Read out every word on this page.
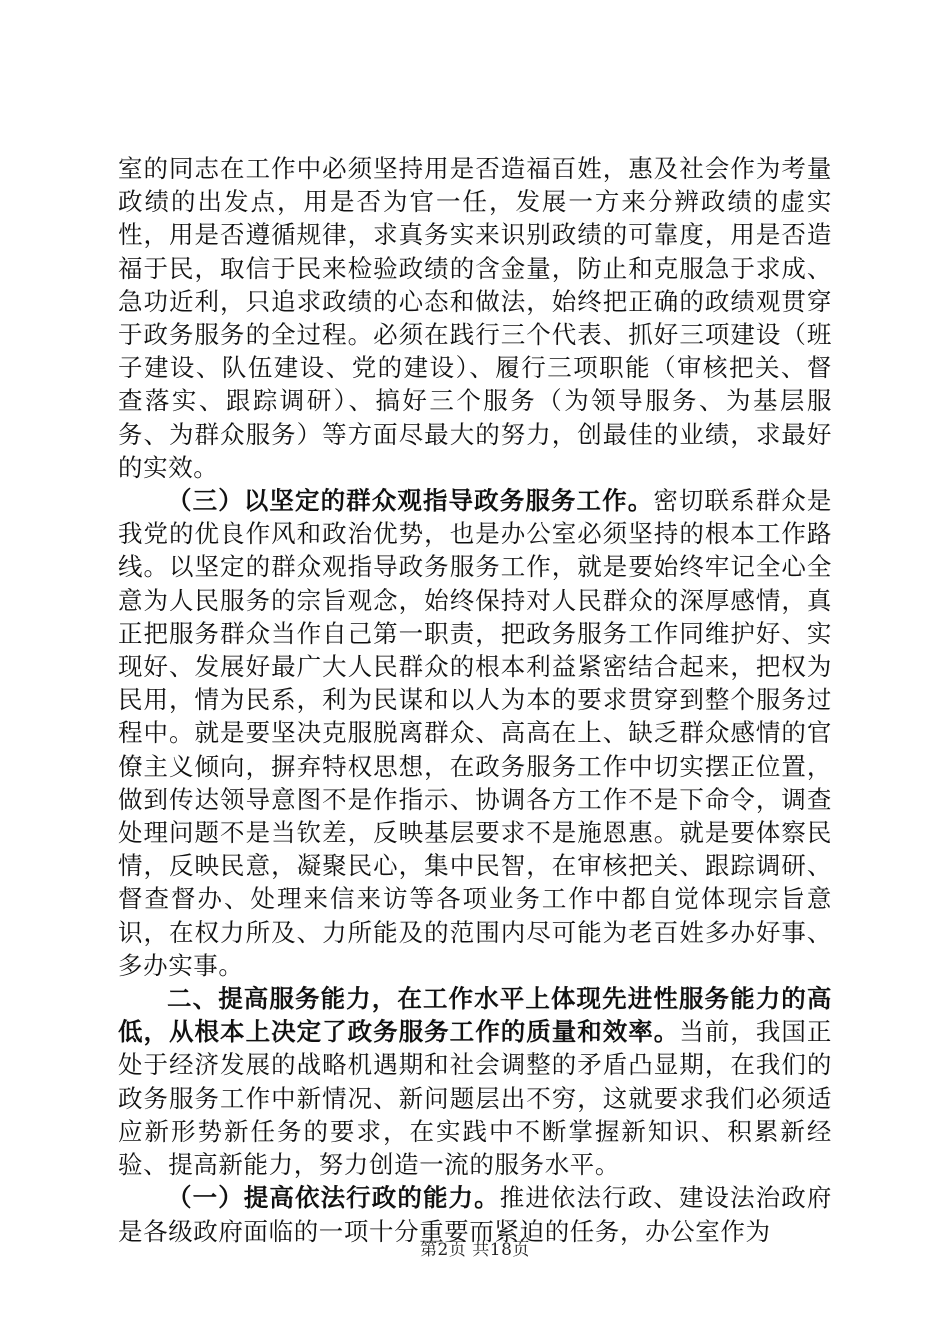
室的同志在工作中必须坚持用是否造福百姓，惠及社会作为考量政绩的出发点，用是否为官一任，发展一方来分辨政绩的虚实性，用是否遵循规律，求真务实来识别政绩的可靠度，用是否造福于民，取信于民来检验政绩的含金量，防止和克服急于求成、急功近利，只追求政绩的心态和做法，始终把正确的政绩观贯穿于政务服务的全过程。必须在践行三个代表、抓好三项建设（班子建设、队伍建设、党的建设）、履行三项职能（审核把关、督查落实、跟踪调研）、搞好三个服务（为领导服务、为基层服务、为群众服务）等方面尽最大的努力，创最佳的业绩，求最好的实效。

（三）以坚定的群众观指导政务服务工作。密切联系群众是我党的优良作风和政治优势，也是办公室必须坚持的根本工作路线。以坚定的群众观指导政务服务工作，就是要始终牢记全心全意为人民服务的宗旨观念，始终保持对人民群众的深厚感情，真正把服务群众当作自己第一职责，把政务服务工作同维护好、实现好、发展好最广大人民群众的根本利益紧密结合起来，把权为民用，情为民系，利为民谋和以人为本的要求贯穿到整个服务过程中。就是要坚决克服脱离群众、高高在上、缺乏群众感情的官僚主义倾向，摒弃特权思想，在政务服务工作中切实摆正位置，做到传达领导意图不是作指示、协调各方工作不是下命令，调查处理问题不是当钦差，反映基层要求不是施恩惠。就是要体察民情，反映民意，凝聚民心，集中民智，在审核把关、跟踪调研、督查督办、处理来信来访等各项业务工作中都自觉体现宗旨意识，在权力所及、力所能及的范围内尽可能为老百姓多办好事、多办实事。

二、提高服务能力，在工作水平上体现先进性服务能力的高低，从根本上决定了政务服务工作的质量和效率。当前，我国正处于经济发展的战略机遇期和社会调整的矛盾凸显期，在我们的政务服务工作中新情况、新问题层出不穷，这就要求我们必须适应新形势新任务的要求，在实践中不断掌握新知识、积累新经验、提高新能力，努力创造一流的服务水平。

（一）提高依法行政的能力。推进依法行政、建设法治政府是各级政府面临的一项十分重要而紧迫的任务，办公室作为

第2页 共18页
